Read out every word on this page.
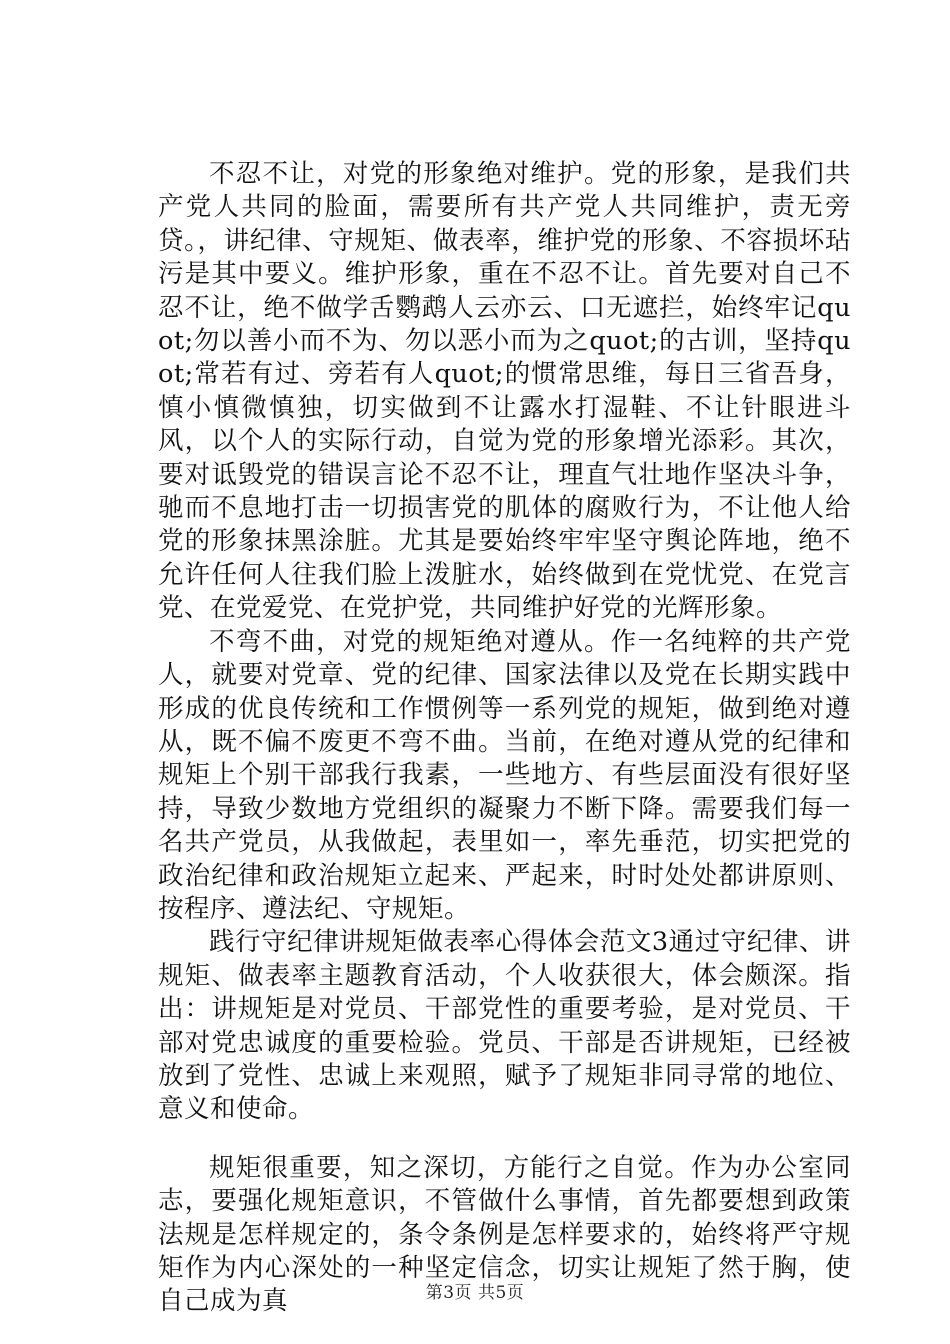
不忍不让，对党的形象绝对维护。党的形象，是我们共产党人共同的脸面，需要所有共产党人共同维护，责无旁贷。，讲纪律、守规矩、做表率，维护党的形象、不容损坏玷污是其中要义。维护形象，重在不忍不让。首先要对自己不忍不让，绝不做学舌鹦鹉人云亦云、口无遮拦，始终牢记quot;勿以善小而不为、勿以恶小而为之quot;的古训，坚持quot;常若有过、旁若有人quot;的惯常思维，每日三省吾身，慎小慎微慎独，切实做到不让露水打湿鞋、不让针眼进斗风，以个人的实际行动，自觉为党的形象增光添彩。其次，要对诋毁党的错误言论不忍不让，理直气壮地作坚决斗争，驰而不息地打击一切损害党的肌体的腐败行为，不让他人给党的形象抹黑涂脏。尤其是要始终牢牢坚守舆论阵地，绝不允许任何人往我们脸上泼脏水，始终做到在党忧党、在党言党、在党爱党、在党护党，共同维护好党的光辉形象。

不弯不曲，对党的规矩绝对遵从。作一名纯粹的共产党人，就要对党章、党的纪律、国家法律以及党在长期实践中形成的优良传统和工作惯例等一系列党的规矩，做到绝对遵从，既不偏不废更不弯不曲。当前，在绝对遵从党的纪律和规矩上个别干部我行我素，一些地方、有些层面没有很好坚持，导致少数地方党组织的凝聚力不断下降。需要我们每一名共产党员，从我做起，表里如一，率先垂范，切实把党的政治纪律和政治规矩立起来、严起来，时时处处都讲原则、按程序、遵法纪、守规矩。

践行守纪律讲规矩做表率心得体会范文3通过守纪律、讲规矩、做表率主题教育活动，个人收获很大，体会颇深。指出：讲规矩是对党员、干部党性的重要考验，是对党员、干部对党忠诚度的重要检验。党员、干部是否讲规矩，已经被放到了党性、忠诚上来观照，赋予了规矩非同寻常的地位、意义和使命。

规矩很重要，知之深切，方能行之自觉。作为办公室同志，要强化规矩意识，不管做什么事情，首先都要想到政策法规是怎样规定的，条令条例是怎样要求的，始终将严守规矩作为内心深处的一种坚定信念，切实让规矩了然于胸，使自己成为真	第3页 共5页
